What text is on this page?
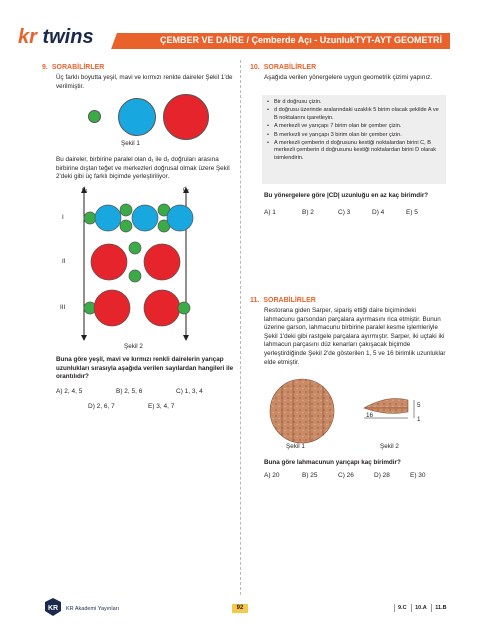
kr twins	ÇEMBER VE DAİRE / Çemberde Açı - Uzunluk TYT-AYT GEOMETRİ
9. SORABİLİRLER
Üç farklı boyutta yeşil, mavi ve kırmızı renkte daireler Şekil 1'de verilmiştir.
Şekil 1
Bu daireler, birbirine paralel olan d₁ ile d₂ doğruları arasına birbirine dıştan teğet ve merkezleri doğrusal olmak üzere Şekil 2'deki gibi üç farklı biçimde yerleştiriliyor.
d₁	d₂
I
II
III
Şekil 2
Buna göre yeşil, mavi ve kırmızı renkli dairelerin yarıçap uzunlukları sırasıyla aşağıda verilen sayılardan hangileri ile orantılıdır?
A) 2, 4, 5	B) 2, 5, 6	C) 1, 3, 4
D) 2, 6, 7	E) 3, 4, 7
10. SORABİLİRLER
Aşağıda verilen yönergelere uygun geometrik çizimi yapınız.
• Bir d doğrusu çizin.
• d doğrusu üzerinde aralarındaki uzaklık 5 birim olacak şekilde A ve B noktalarını işaretleyin.
• A merkezli ve yarıçapı 7 birim olan bir çember çizin.
• B merkezli ve yarıçapı 3 birim olan bir çember çizin.
• A merkezli çemberin d doğrusunu kestiği noktalardan birini C, B merkezli çemberin d doğrusunu kestiği noktalardan birini D olarak isimlendirin.
Bu yönergelere göre |CD| uzunluğu en az kaç birimdir?
A) 1	B) 2	C) 3	D) 4	E) 5
11. SORABİLİRLER
Restorana giden Sarper, sipariş ettiği daire biçimindeki lahmacunu garsondan parçalara ayırmasını rica etmiştir. Bunun üzerine garson, lahmacunu birbirine paralel kesme işlemleriyle Şekil 1'deki gibi rastgele parçalara ayırmıştır. Sarper, iki uçtaki iki lahmacun parçasını düz kenarları çakışacak biçimde yerleştirdiğinde Şekil 2'de gösterilen 1, 5 ve 16 birimlik uzunluklar elde etmiştir.
16
5
1
Şekil 1	Şekil 2
Buna göre lahmacunun yarıçapı kaç birimdir?
A) 20	B) 25	C) 26	D) 28	E) 30
KR KR Akademi Yayınları	92	9.C 10.A 11.B
